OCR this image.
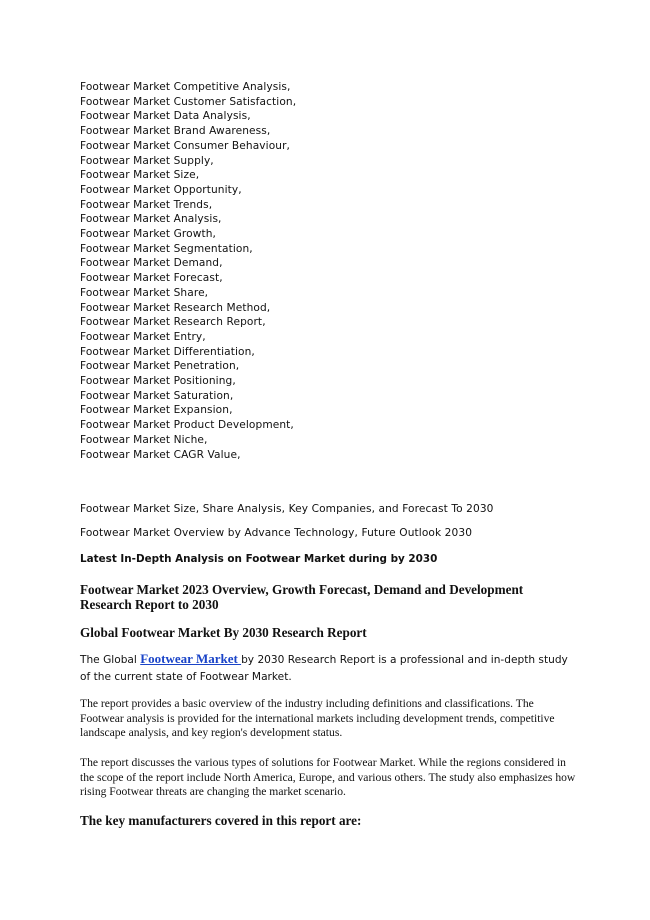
Footwear Market Competitive Analysis,
Footwear Market Customer Satisfaction,
Footwear Market Data Analysis,
Footwear Market Brand Awareness,
Footwear Market Consumer Behaviour,
Footwear Market Supply,
Footwear Market Size,
Footwear Market Opportunity,
Footwear Market Trends,
Footwear Market Analysis,
Footwear Market Growth,
Footwear Market Segmentation,
Footwear Market Demand,
Footwear Market Forecast,
Footwear Market Share,
Footwear Market Research Method,
Footwear Market Research Report,
Footwear Market Entry,
Footwear Market Differentiation,
Footwear Market Penetration,
Footwear Market Positioning,
Footwear Market Saturation,
Footwear Market Expansion,
Footwear Market Product Development,
Footwear Market Niche,
Footwear Market CAGR Value,
Footwear Market Size, Share Analysis, Key Companies, and Forecast To 2030
Footwear Market Overview by Advance Technology, Future Outlook 2030
Latest In-Depth Analysis on Footwear Market during by 2030
Footwear Market 2023 Overview, Growth Forecast, Demand and Development Research Report to 2030
Global Footwear Market By 2030 Research Report

The Global Footwear Market by 2030 Research Report is a professional and in-depth study of the current state of Footwear Market.

The report provides a basic overview of the industry including definitions and classifications. The Footwear analysis is provided for the international markets including development trends, competitive landscape analysis, and key region's development status.

The report discusses the various types of solutions for Footwear Market. While the regions considered in the scope of the report include North America, Europe, and various others. The study also emphasizes how rising Footwear threats are changing the market scenario.

The key manufacturers covered in this report are:
